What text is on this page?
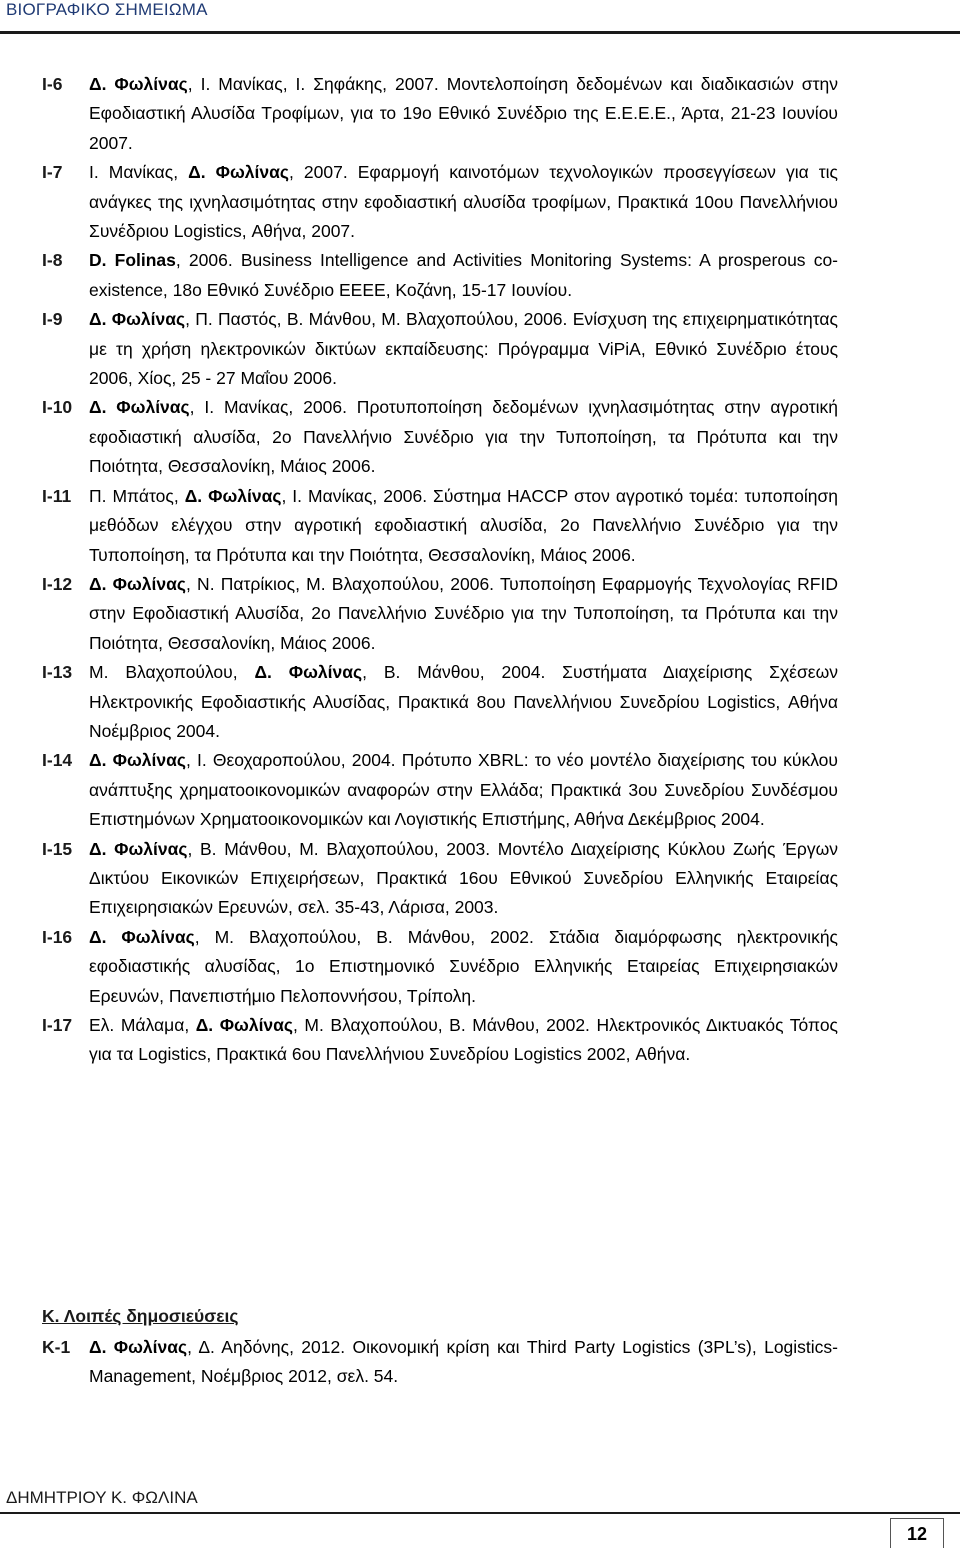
ΒΙΟΓΡΑΦΙΚΟ ΣΗΜΕΙΩΜΑ
I-6 Δ. Φωλίνας, Ι. Μανίκας, Ι. Σηφάκης, 2007. Μοντελοποίηση δεδομένων και διαδικασιών στην Εφοδιαστική Αλυσίδα Τροφίμων, για το 19ο Εθνικό Συνέδριο της Ε.Ε.Ε.Ε., Άρτα, 21-23 Ιουνίου 2007.
I-7 Ι. Μανίκας, Δ. Φωλίνας, 2007. Εφαρμογή καινοτόμων τεχνολογικών προσεγγίσεων για τις ανάγκες της ιχνηλασιμότητας στην εφοδιαστική αλυσίδα τροφίμων, Πρακτικά 10ου Πανελλήνιου Συνέδριου Logistics, Αθήνα, 2007.
I-8 D. Folinas, 2006. Business Intelligence and Activities Monitoring Systems: A prosperous co-existence, 18o Εθνικό Συνέδριο ΕΕΕΕ, Κοζάνη, 15-17 Ιουνίου.
I-9 Δ. Φωλίνας, Π. Παστός, Β. Μάνθου, Μ. Βλαχοπούλου, 2006. Ενίσχυση της επιχειρηματικότητας με τη χρήση ηλεκτρονικών δικτύων εκπαίδευσης: Πρόγραμμα ViPiA, Εθνικό Συνέδριο έτους 2006, Χίος, 25 - 27 Μαΐου 2006.
I-10 Δ. Φωλίνας, Ι. Μανίκας, 2006. Προτυποποίηση δεδομένων ιχνηλασιμότητας στην αγροτική εφοδιαστική αλυσίδα, 2ο Πανελλήνιο Συνέδριο για την Τυποποίηση, τα Πρότυπα και την Ποιότητα, Θεσσαλονίκη, Μάιος 2006.
I-11 Π. Μπάτος, Δ. Φωλίνας, Ι. Μανίκας, 2006. Σύστημα HACCP στον αγροτικό τομέα: τυποποίηση μεθόδων ελέγχου στην αγροτική εφοδιαστική αλυσίδα, 2ο Πανελλήνιο Συνέδριο για την Τυποποίηση, τα Πρότυπα και την Ποιότητα, Θεσσαλονίκη, Μάιος 2006.
I-12 Δ. Φωλίνας, Ν. Πατρίκιος, Μ. Βλαχοπούλου, 2006. Τυποποίηση Εφαρμογής Τεχνολογίας RFID στην Εφοδιαστική Αλυσίδα, 2ο Πανελλήνιο Συνέδριο για την Τυποποίηση, τα Πρότυπα και την Ποιότητα, Θεσσαλονίκη, Μάιος 2006.
I-13 Μ. Βλαχοπούλου, Δ. Φωλίνας, Β. Μάνθου, 2004. Συστήματα Διαχείρισης Σχέσεων Ηλεκτρονικής Εφοδιαστικής Αλυσίδας, Πρακτικά 8ου Πανελλήνιου Συνεδρίου Logistics, Αθήνα Νοέμβριος 2004.
I-14 Δ. Φωλίνας, Ι. Θεοχαροπούλου, 2004. Πρότυπο XBRL: το νέο μοντέλο διαχείρισης του κύκλου ανάπτυξης χρηματοοικονομικών αναφορών στην Ελλάδα; Πρακτικά 3ου Συνεδρίου Συνδέσμου Επιστημόνων Χρηματοοικονομικών και Λογιστικής Επιστήμης, Αθήνα Δεκέμβριος 2004.
I-15 Δ. Φωλίνας, Β. Μάνθου, Μ. Βλαχοπούλου, 2003. Μοντέλο Διαχείρισης Κύκλου Ζωής Έργων Δικτύου Εικονικών Επιχειρήσεων, Πρακτικά 16ου Εθνικού Συνεδρίου Ελληνικής Εταιρείας Επιχειρησιακών Ερευνών, σελ. 35-43, Λάρισα, 2003.
I-16 Δ. Φωλίνας, Μ. Βλαχοπούλου, Β. Μάνθου, 2002. Στάδια διαμόρφωσης ηλεκτρονικής εφοδιαστικής αλυσίδας, 1ο Επιστημονικό Συνέδριο Ελληνικής Εταιρείας Επιχειρησιακών Ερευνών, Πανεπιστήμιο Πελοποννήσου, Τρίπολη.
I-17 Ελ. Μάλαμα, Δ. Φωλίνας, Μ. Βλαχοπούλου, Β. Μάνθου, 2002. Ηλεκτρονικός Δικτυακός Τόπος για τα Logistics, Πρακτικά 6ου Πανελλήνιου Συνεδρίου Logistics 2002, Αθήνα.
Κ. Λοιπές δημοσιεύσεις
K-1 Δ. Φωλίνας, Δ. Αηδόνης, 2012. Οικονομική κρίση και Third Party Logistics (3PL’s), Logistics-Management, Νοέμβριος 2012, σελ. 54.
ΔΗΜΗΤΡΙΟΥ Κ. ΦΩΛΙΝΑ
12
